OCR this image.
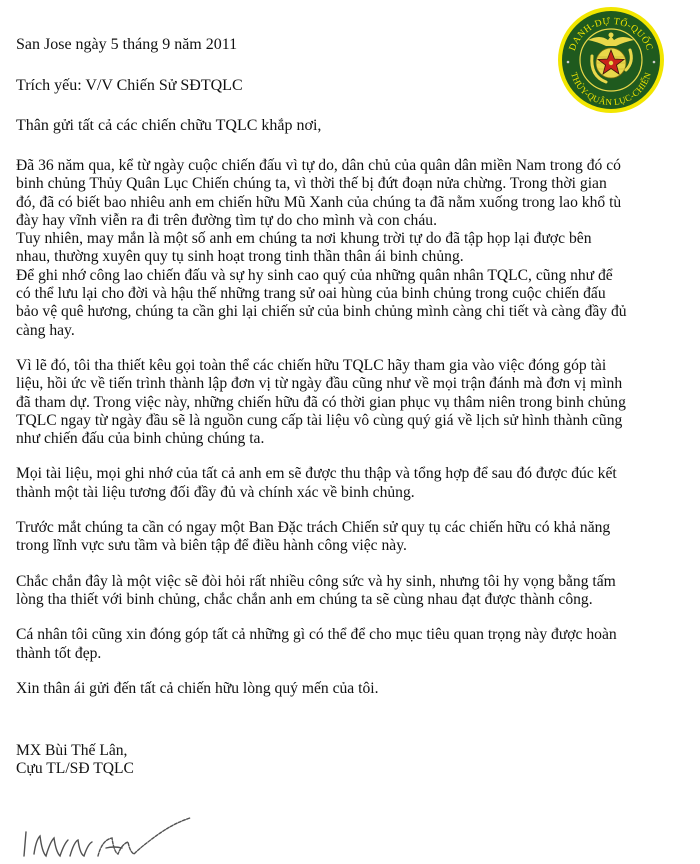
DANH-DỰ TỔ-QUỐC
THỦY-QUÂN LỤC-CHIẾN
San Jose ngày 5 tháng 9 năm 2011
Trích yếu: V/V Chiến Sử SĐTQLC
Thân gửi tất cả các chiến chữu TQLC khắp nơi,
Đã 36 năm qua, kể từ ngày cuộc chiến đấu vì tự do, dân chủ của quân dân miền Nam trong đó có
binh chủng Thủy Quân Lục Chiến chúng ta, vì thời thế bị đứt đoạn nửa chừng. Trong thời gian
đó, đã có biết bao nhiêu anh em chiến hữu Mũ Xanh của chúng ta đã nằm xuống trong lao khổ tù
đày hay vĩnh viễn ra đi trên đường tìm tự do cho mình và con cháu.
Tuy nhiên, may mắn là một số anh em chúng ta nơi khung trời tự do đã tập họp lại được bên
nhau, thường xuyên quy tụ sinh hoạt trong tinh thần thân ái binh chủng.
Để ghi nhớ công lao chiến đấu và sự hy sinh cao quý của những quân nhân TQLC, cũng như để
có thể lưu lại cho đời và hậu thế những trang sử oai hùng của binh chủng trong cuộc chiến đấu
bảo vệ quê hương, chúng ta cần ghi lại chiến sử của binh chủng mình càng chi tiết và càng đầy đủ
càng hay.
Vì lẽ đó, tôi tha thiết kêu gọi toàn thể các chiến hữu TQLC hãy tham gia vào việc đóng góp tài
liệu, hồi ức về tiến trình thành lập đơn vị từ ngày đầu cũng như về mọi trận đánh mà đơn vị mình
đã tham dự. Trong việc này, những chiến hữu đã có thời gian phục vụ thâm niên trong binh chủng
TQLC ngay từ ngày đầu sẽ là nguồn cung cấp tài liệu vô cùng quý giá về lịch sử hình thành cũng
như chiến đấu của binh chủng chúng ta.
Mọi tài liệu, mọi ghi nhớ của tất cả anh em sẽ được thu thập và tổng hợp để sau đó được đúc kết
thành một tài liệu tương đối đầy đủ và chính xác về binh chủng.
Trước mắt chúng ta cần có ngay một Ban Đặc trách Chiến sử quy tụ các chiến hữu có khả năng
trong lĩnh vực sưu tầm và biên tập để điều hành công việc này.
Chắc chắn đây là một việc sẽ đòi hỏi rất nhiều công sức và hy sinh, nhưng tôi hy vọng bằng tấm
lòng tha thiết với binh chủng, chắc chắn anh em chúng ta sẽ cùng nhau đạt được thành công.
Cá nhân tôi cũng xin đóng góp tất cả những gì có thể để cho mục tiêu quan trọng này được hoàn
thành tốt đẹp.
Xin thân ái gửi đến tất cả chiến hữu lòng quý mến của tôi.
MX Bùi Thế Lân,
Cựu TL/SĐ TQLC
